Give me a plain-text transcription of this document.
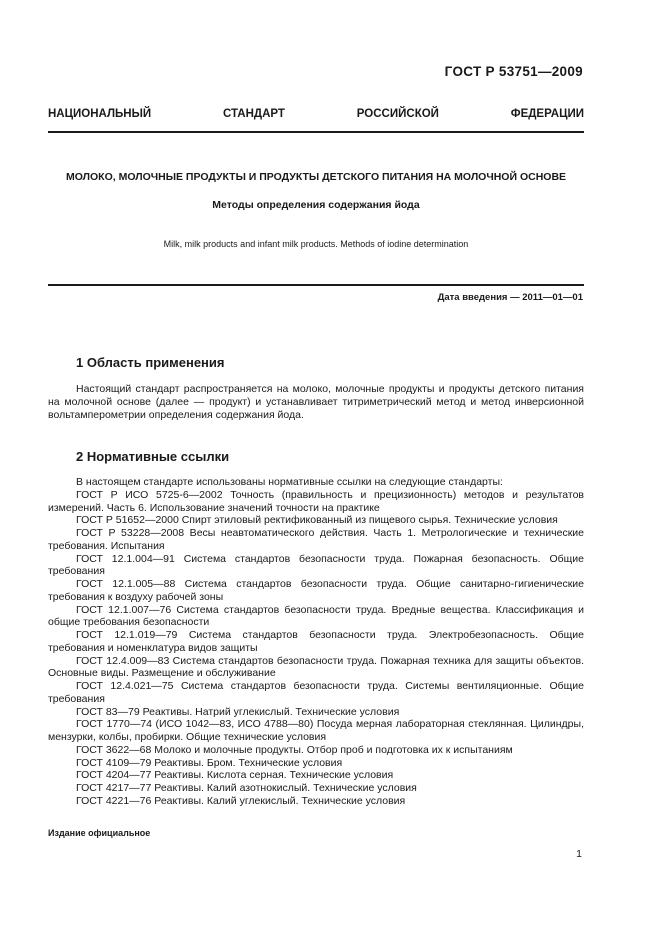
ГОСТ Р 53751—2009
НАЦИОНАЛЬНЫЙ	СТАНДАРТ	РОССИЙСКОЙ	ФЕДЕРАЦИИ
МОЛОКО, МОЛОЧНЫЕ ПРОДУКТЫ И ПРОДУКТЫ ДЕТСКОГО ПИТАНИЯ НА МОЛОЧНОЙ ОСНОВЕ
Методы определения содержания йода
Milk, milk products and infant milk products. Methods of iodine determination
Дата введения — 2011—01—01
1 Область применения
Настоящий стандарт распространяется на молоко, молочные продукты и продукты детского питания на молочной основе (далее — продукт) и устанавливает титриметрический метод и метод инверсионной вольтамперометрии определения содержания йода.
2 Нормативные ссылки
В настоящем стандарте использованы нормативные ссылки на следующие стандарты:
ГОСТ Р ИСО 5725-6—2002 Точность (правильность и прецизионность) методов и результатов измерений. Часть 6. Использование значений точности на практике
ГОСТ Р 51652—2000 Спирт этиловый ректификованный из пищевого сырья. Технические условия
ГОСТ Р 53228—2008 Весы неавтоматического действия. Часть 1. Метрологические и технические требования. Испытания
ГОСТ 12.1.004—91 Система стандартов безопасности труда. Пожарная безопасность. Общие требования
ГОСТ 12.1.005—88 Система стандартов безопасности труда. Общие санитарно-гигиенические требования к воздуху рабочей зоны
ГОСТ 12.1.007—76 Система стандартов безопасности труда. Вредные вещества. Классификация и общие требования безопасности
ГОСТ 12.1.019—79 Система стандартов безопасности труда. Электробезопасность. Общие требования и номенклатура видов защиты
ГОСТ 12.4.009—83 Система стандартов безопасности труда. Пожарная техника для защиты объектов. Основные виды. Размещение и обслуживание
ГОСТ 12.4.021—75 Система стандартов безопасности труда. Системы вентиляционные. Общие требования
ГОСТ 83—79 Реактивы. Натрий углекислый. Технические условия
ГОСТ 1770—74 (ИСО 1042—83, ИСО 4788—80) Посуда мерная лабораторная стеклянная. Цилиндры, мензурки, колбы, пробирки. Общие технические условия
ГОСТ 3622—68 Молоко и молочные продукты. Отбор проб и подготовка их к испытаниям
ГОСТ 4109—79 Реактивы. Бром. Технические условия
ГОСТ 4204—77 Реактивы. Кислота серная. Технические условия
ГОСТ 4217—77 Реактивы. Калий азотнокислый. Технические условия
ГОСТ 4221—76 Реактивы. Калий углекислый. Технические условия
Издание официальное
1
